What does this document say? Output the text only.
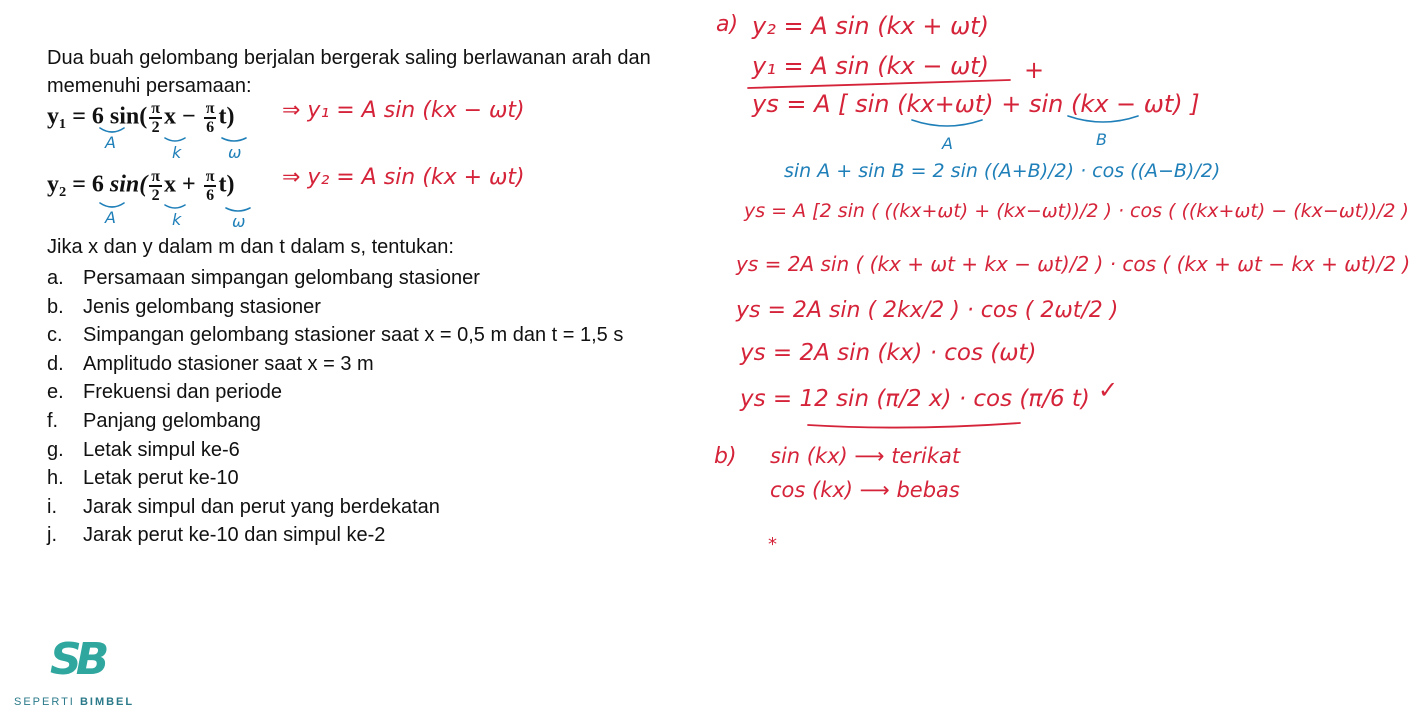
Dua buah gelombang berjalan bergerak saling berlawanan arah dan memenuhi persamaan:
y₁ = 6 $\sin( \frac{\pi}{2}$ $x - \frac{\pi}{6} t$)
y₂ = 6 $\sin( \frac{\pi}{2}$ $x + \frac{\pi}{6} t$)
⇒ y₁ = A sin (kx − ωt)
⇒ y₂ = A sin (kx + ωt)
A
k	ω
A	k	ω
Jika x dan y dalam m dan t dalam s, tentukan:
a. Persamaan simpangan gelombang stasioner
b. Jenis gelombang stasioner
c.	Simpangan gelombang stasioner saat x = 0,5 m dan t = 1,5 s
d. Amplitudo stasioner saat x = 3 m
e. Frekuensi dan periode
f.	Panjang gelombang
g. Letak simpul ke-6
h. Letak perut ke-10
i.	Jarak simpul dan perut yang berdekatan
j.	Jarak perut ke-10 dan simpul ke-2
a) y₂ = A sin (kx + ωt)
y₁ = A sin (kx − ωt) +
ys = A [ sin (kx+ωt) + sin (kx − ωt) ]
A	B
sin A + sin B = 2 sin ((A+B)/2) · cos ((A−B)/2)
ys = A [2 sin ( ((kx+ωt) + (kx−ωt))/2 ) · cos ( ((kx+ωt) − (kx−ωt))/2 )
ys = 2A sin ( (kx + ωt + kx − ωt)/2 ) · cos ( (kx + ωt − kx + ωt)/2 )
ys = 2A sin ( 2kx/2 ) · cos ( 2ωt/2 )
ys = 2A sin (kx) · cos (ωt)
ys = 12 sin (π/2 x) · cos (π/6 t) ✓
b) sin (kx) ⟶ terikat
cos (kx) ⟶ bebas
*
SB
SEPERTI BIMBEL
